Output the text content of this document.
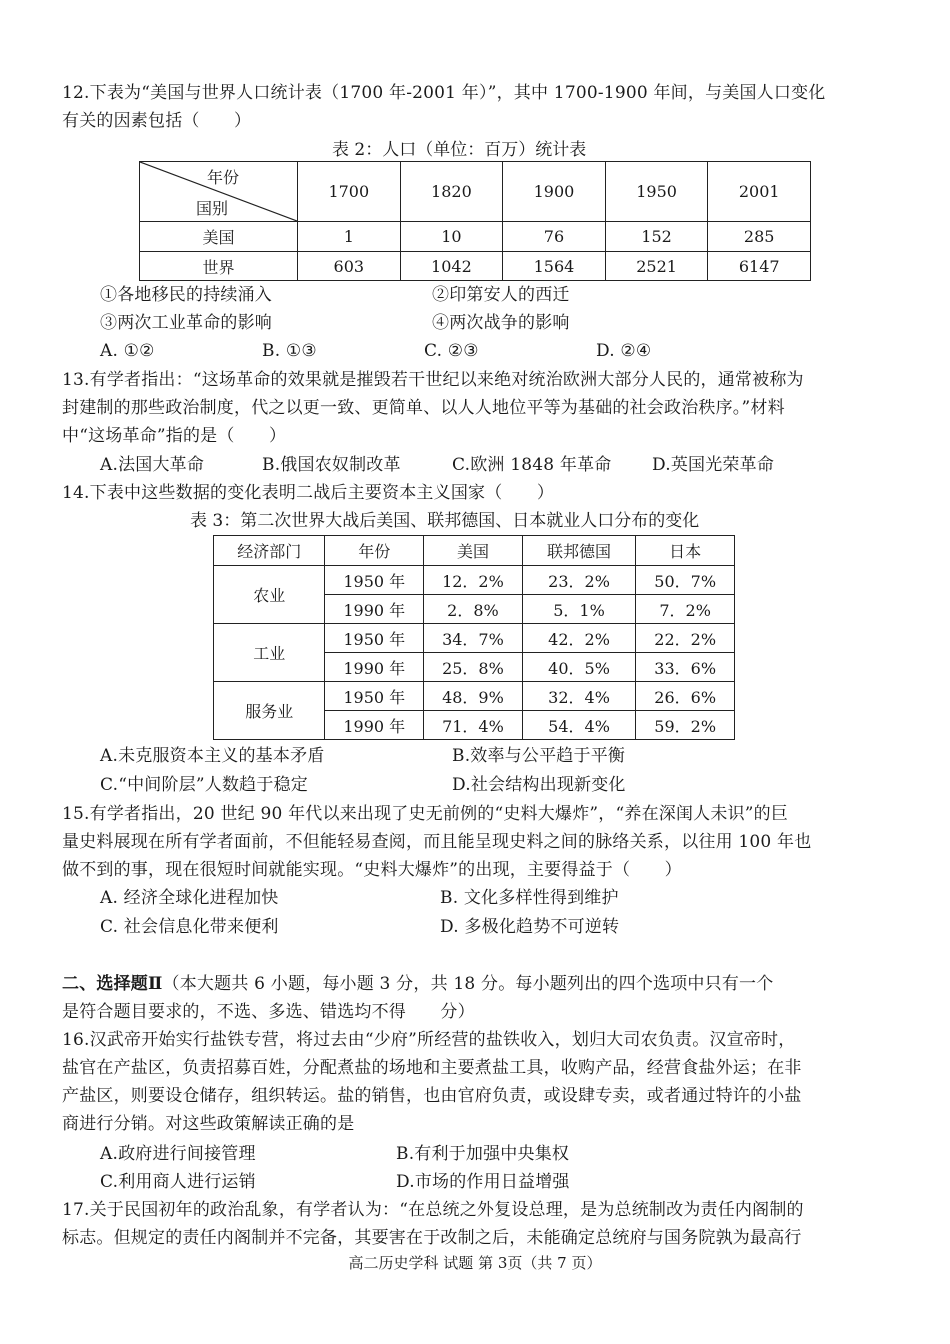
12.下表为“美国与世界人口统计表（1700 年-2001 年）”，其中 1700-1900 年间，与美国人口变化
有关的因素包括（　　）
表 2：人口（单位：百万）统计表
年份
国别	1700	1820	1900	1950	2001
美国	1	10	76	152	285
世界	603	1042	1564	2521	6147
①各地移民的持续涌入	②印第安人的西迁
③两次工业革命的影响	④两次战争的影响
A. ①②	B. ①③	C. ②③	D. ②④
13.有学者指出：“这场革命的效果就是摧毁若干世纪以来绝对统治欧洲大部分人民的，通常被称为
封建制的那些政治制度，代之以更一致、更简单、以人人地位平等为基础的社会政治秩序。”材料
中“这场革命”指的是（　　）
A.法国大革命	B.俄国农奴制改革	C.欧洲 1848 年革命 D.英国光荣革命
14.下表中这些数据的变化表明二战后主要资本主义国家（　　）
表 3：第二次世界大战后美国、联邦德国、日本就业人口分布的变化
经济部门	年份	美国	联邦德国	日本
农业	1950 年	12．2%	23．2%	50．7%
	1990 年	2．8%	5．1%	7．2%
工业	1950 年	34．7%	42．2%	22．2%
	1990 年	25．8%	40．5%	33．6%
服务业	1950 年	48．9%	32．4%	26．6%
	1990 年	71．4%	54．4%	59．2%
A.未克服资本主义的基本矛盾	B.效率与公平趋于平衡
C.“中间阶层”人数趋于稳定	D.社会结构出现新变化
15.有学者指出，20 世纪 90 年代以来出现了史无前例的“史料大爆炸”，“养在深闺人未识”的巨
量史料展现在所有学者面前，不但能轻易查阅，而且能呈现史料之间的脉络关系，以往用 100 年也
做不到的事，现在很短时间就能实现。“史料大爆炸”的出现，主要得益于（　　）
A. 经济全球化进程加快	B. 文化多样性得到维护
C. 社会信息化带来便利	D. 多极化趋势不可逆转
二、选择题Ⅱ（本大题共 6 小题，每小题 3 分，共 18 分。每小题列出的四个选项中只有一个
是符合题目要求的，不选、多选、错选均不得　　分）
16.汉武帝开始实行盐铁专营，将过去由“少府”所经营的盐铁收入，划归大司农负责。汉宣帝时，
盐官在产盐区，负责招募百姓，分配煮盐的场地和主要煮盐工具，收购产品，经营食盐外运；在非
产盐区，则要设仓储存，组织转运。盐的销售，也由官府负责，或设肆专卖，或者通过特许的小盐
商进行分销。对这些政策解读正确的是
A.政府进行间接管理	B.有利于加强中央集权
C.利用商人进行运销	D.市场的作用日益增强
17.关于民国初年的政治乱象，有学者认为：“在总统之外复设总理，是为总统制改为责任内阁制的
标志。但规定的责任内阁制并不完备，其要害在于改制之后，未能确定总统府与国务院孰为最高行
高二历史学科 试题 第 3页（共 7 页）
